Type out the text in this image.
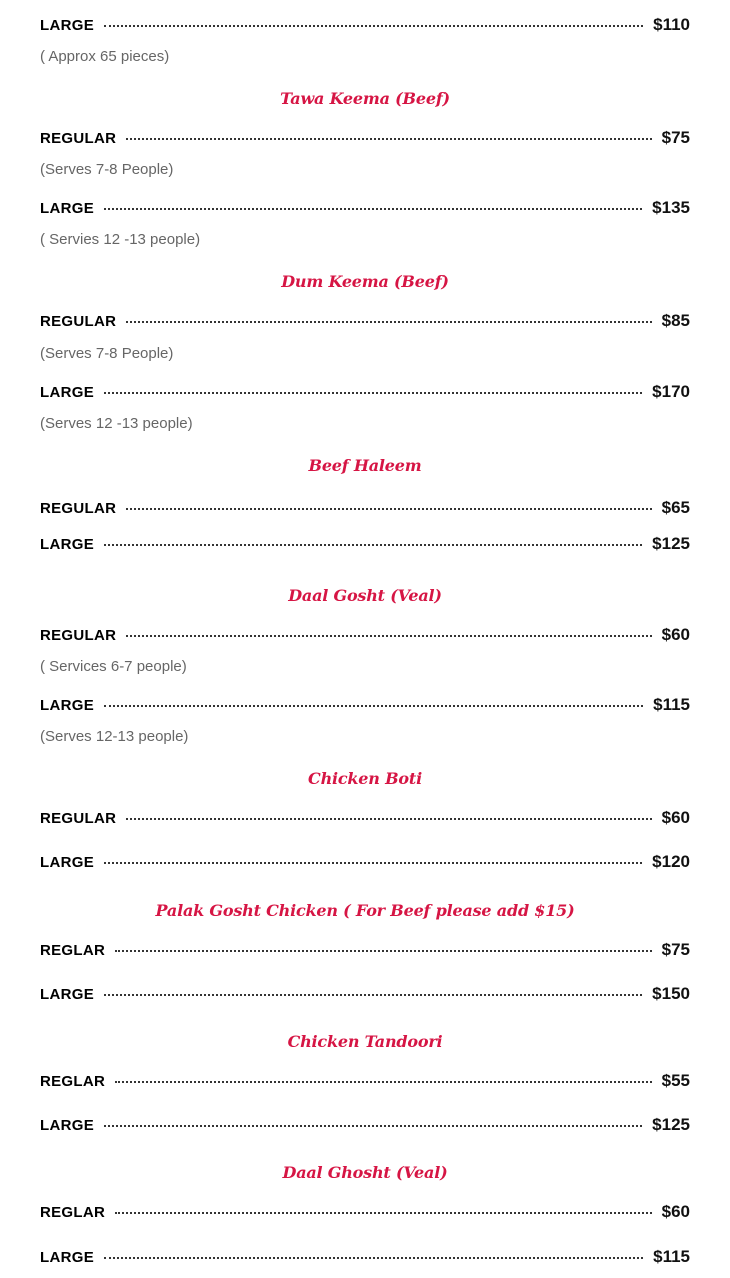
LARGE	$110
( Approx 65 pieces)
Tawa Keema (Beef)
REGULAR	$75
(Serves 7-8 People)
LARGE	$135
( Servies 12 -13 people)
Dum Keema (Beef)
REGULAR	$85
(Serves 7-8 People)
LARGE	$170
(Serves 12 -13 people)
Beef Haleem
REGULAR	$65
LARGE	$125
Daal Gosht (Veal)
REGULAR	$60
( Services 6-7 people)
LARGE	$115
(Serves 12-13 people)
Chicken Boti
REGULAR	$60
LARGE	$120
Palak Gosht Chicken ( For Beef please add $15)
REGLAR	$75
LARGE	$150
Chicken Tandoori
REGLAR	$55
LARGE	$125
Daal Ghosht (Veal)
REGLAR	$60
LARGE	$115
